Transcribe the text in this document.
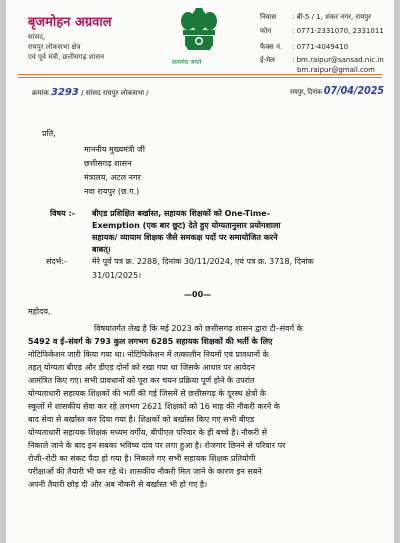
बृजमोहन अग्रवाल
सांसद,
रायपुर लोकसभा क्षेत्र
एवं पूर्व मंत्री, छत्तीसगढ़ शासन
सत्यमेव जयते
निवास : बी-5 / 1, शंकर नगर, रायपुर
फोन	: 0771-2331070, 2331011
फैक्स नं. : 0771-4049410
ई-मेल : bm.raipur@sansad.nic.in
bm.raipur@gmail.com
क्रमांक 3293 / सांसद रायपुर लोकसभा /	रायपुर, दिनांक 07/04/2025
प्रति,
माननीय मुख्यमंत्री जी
छत्तीसगढ़ शासन
मंत्रालय, अटल नगर
नवा रायपुर (छ.ग.)
विषय :- बीएड प्रशिक्षित बर्खास्त, सहायक शिक्षकों को One-Time-
Exemption (एक बार छूट) देते हुए योग्यतानुसार प्रयोगशाला
सहायक/ व्यायाम शिक्षक जैसे समकक्ष पदों पर समायोजित करने
बाबत्।
संदर्भ:-	मेरे पूर्व पत्र क्र. 2288, दिनांक 30/11/2024, एवं पत्र क्र. 3718, दिनांक
31/01/2025।
—00—
महोदय,
विषयांतर्गत लेख है कि मई 2023 को छत्तीसगढ़ शासन द्वारा टी–संवर्ग के
5492 व ई–संवर्ग के 793 कुल लगभग 6285 सहायक शिक्षकों की भर्ती के लिए
नोटिफिकेशन जारी किया गया था। नोटिफिकेशन में तत्कालीन नियमों एवं प्रावधानों के
तहत् योग्यता बीएड और डीएड दोनों को रखा गया था जिसके आधार पर आवेदन
आमंत्रित किए गए। सभी प्रावधानों को पूरा कर चयन प्रक्रिया पूर्ण होने के उपरांत
योग्यताधारी सहायक शिक्षकों की भर्ती की गई जिसमें से छत्तीसगढ़ के दूरस्थ क्षेत्रों के
स्कूलों में शासकीय सेवा कर रहे लगभग 2621 शिक्षकों को 16 माह की नौकरी करने के
बाद सेवा से बर्खास्त कर दिया गया है। शिक्षकों को बर्खास्त किए गए सभी बीएड
योग्यताधारी सहायक शिक्षक मध्यम वर्गीय, बीपीएल परिवार के ही बच्चे है। नौकरी से
निकाले जाने के बाद इन सबका भविष्य दांव पर लगा हुआ है। रोजगार छिनने से परिवार पर
रोजी–रोटी का संकट पैदा हो गया है। निकाले गए सभी सहायक शिक्षक प्रतियोगी
परीक्षाओं की तैयारी भी कर रहे थे। शासकीय नौकरी मिल जाने के कारण इन सबने
अपनी तैयारी छोड़ दी और अब नौकरी से बर्खास्त भी हो गए है।
